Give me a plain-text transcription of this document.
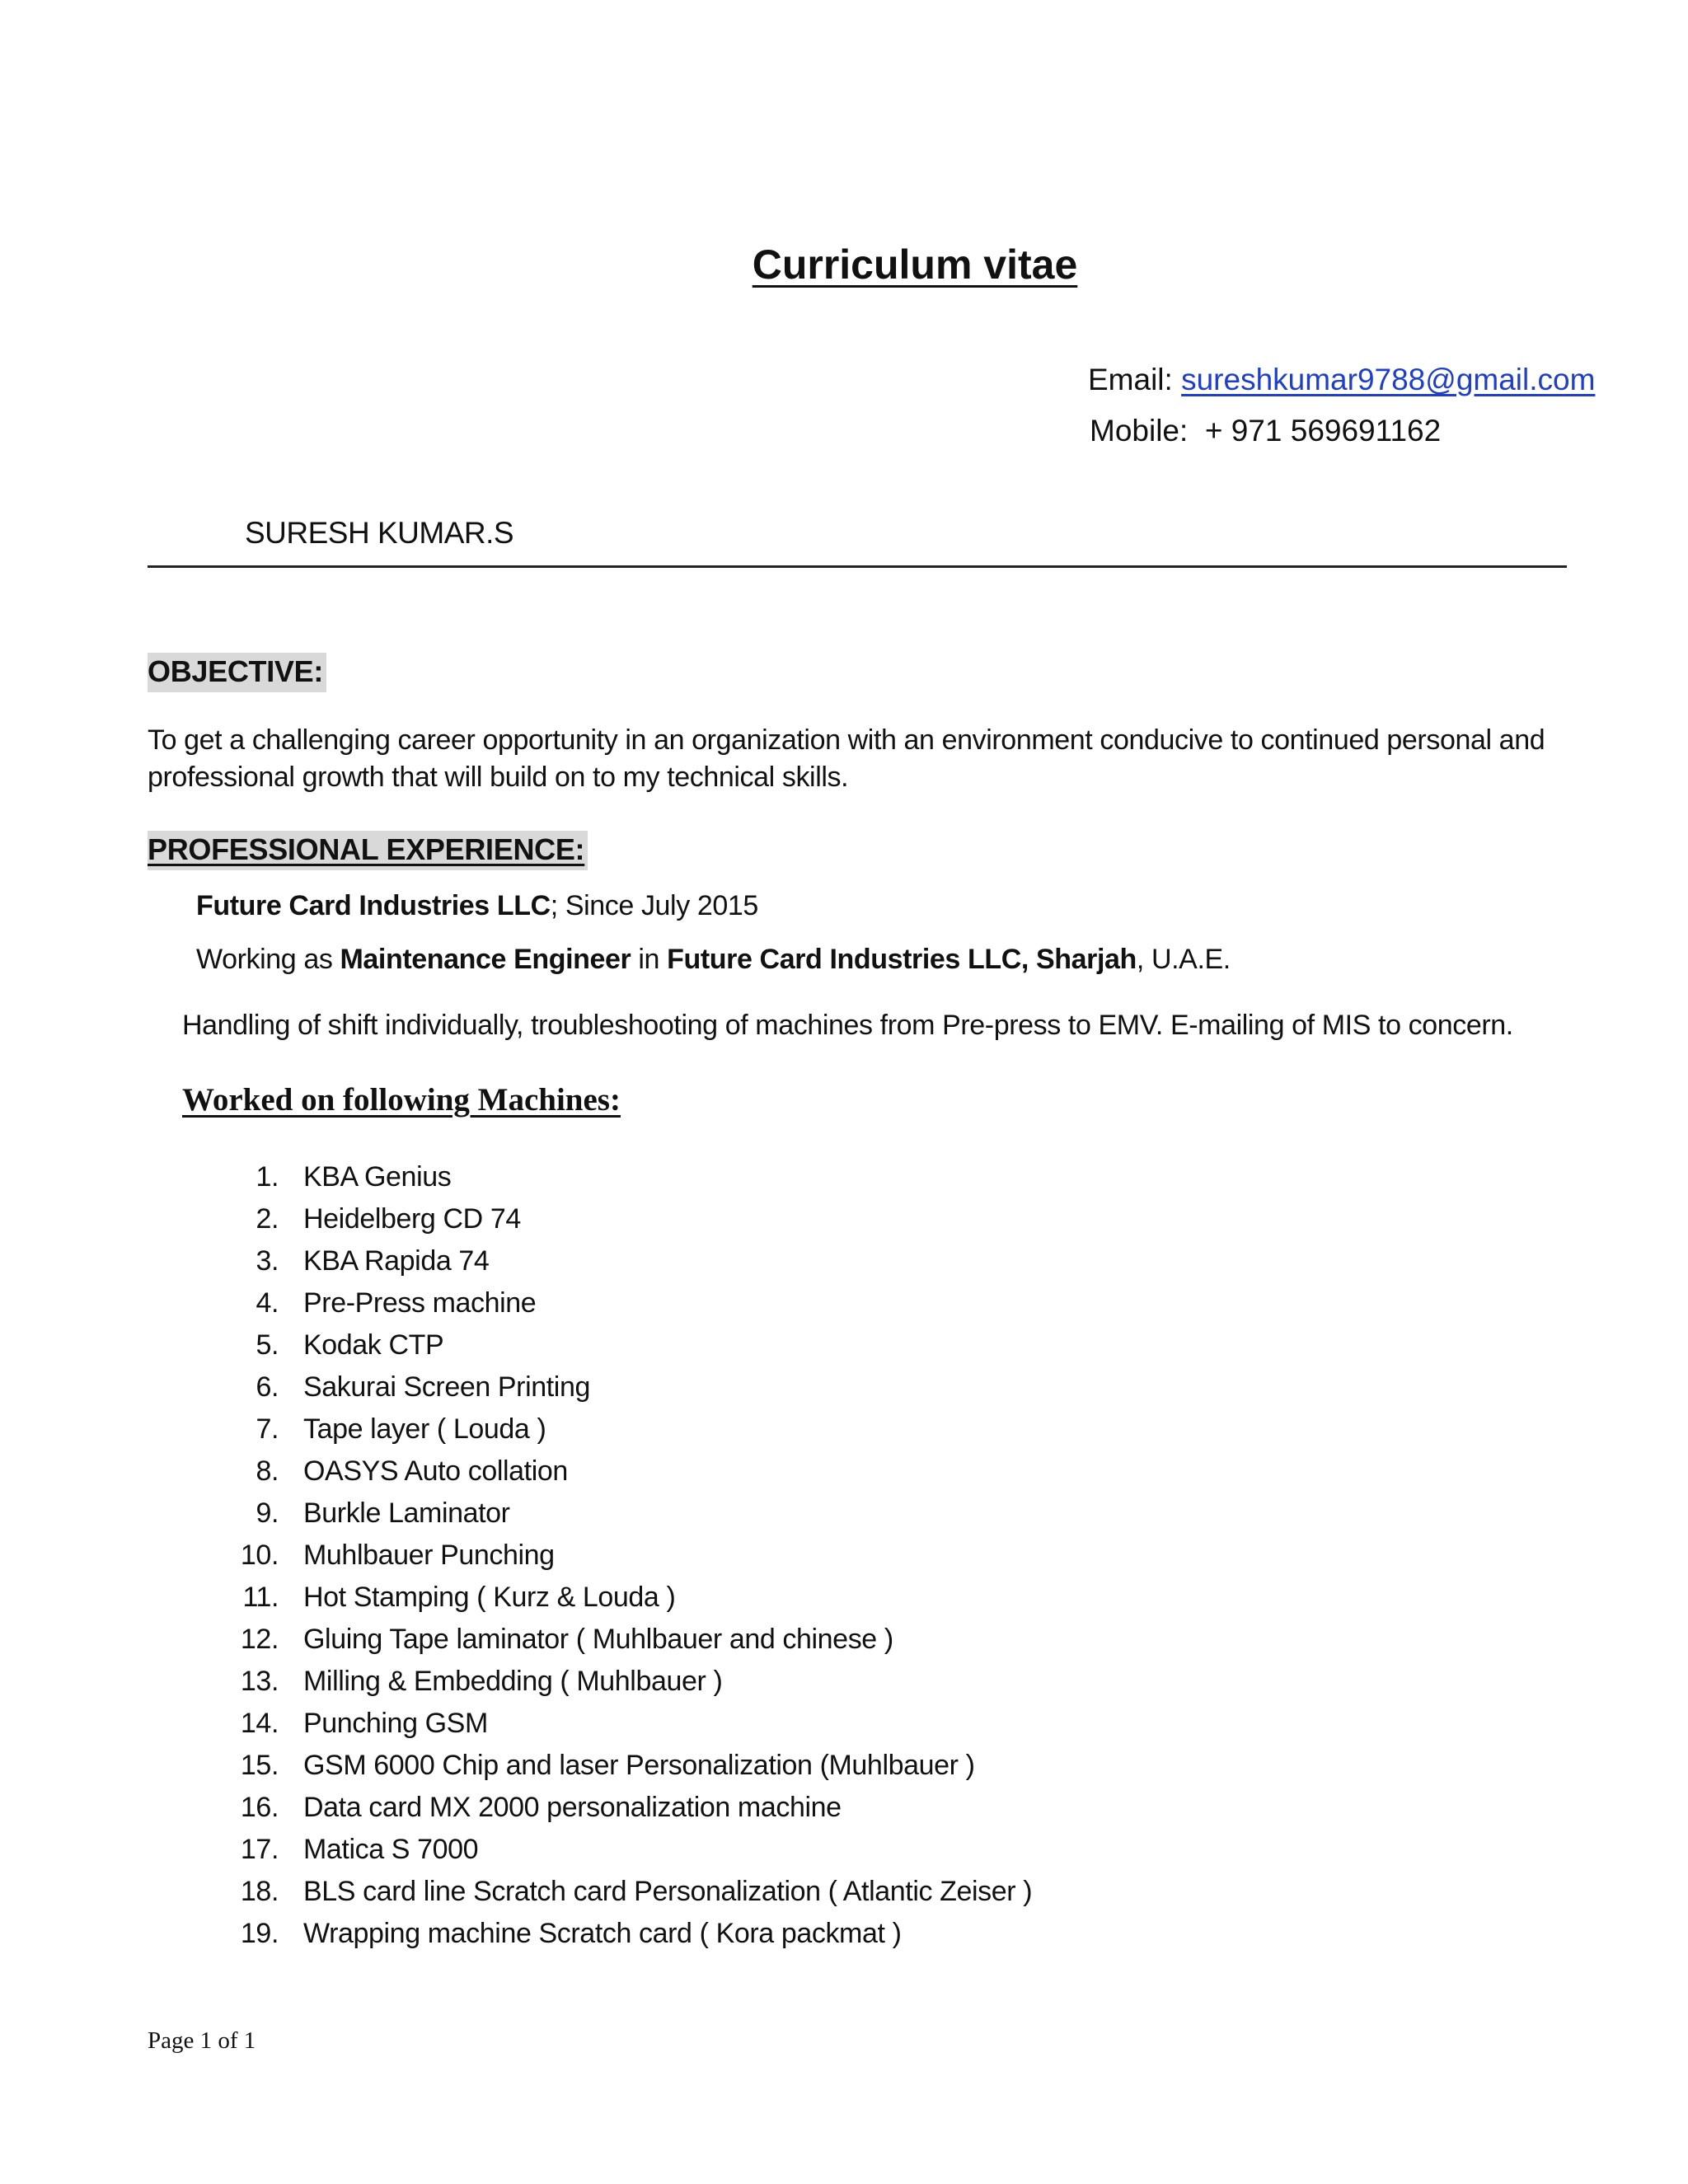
Curriculum vitae
Email: sureshkumar9788@gmail.com
Mobile: + 971 569691162
SURESH KUMAR.S
OBJECTIVE:
To get a challenging career opportunity in an organization with an environment conducive to continued personal and professional growth that will build on to my technical skills.
PROFESSIONAL EXPERIENCE:
Future Card Industries LLC; Since July 2015
Working as Maintenance Engineer in Future Card Industries LLC, Sharjah, U.A.E.
Handling of shift individually, troubleshooting of machines from Pre-press to EMV. E-mailing of MIS to concern.
Worked on following Machines:
1. KBA Genius
2. Heidelberg CD 74
3. KBA Rapida 74
4. Pre-Press machine
5. Kodak CTP
6. Sakurai Screen Printing
7. Tape layer ( Louda )
8. OASYS Auto collation
9. Burkle Laminator
10. Muhlbauer Punching
11. Hot Stamping ( Kurz & Louda )
12. Gluing Tape laminator ( Muhlbauer and chinese )
13. Milling & Embedding ( Muhlbauer )
14. Punching GSM
15. GSM 6000 Chip and laser Personalization (Muhlbauer )
16. Data card MX 2000 personalization machine
17. Matica S 7000
18. BLS card line Scratch card Personalization ( Atlantic Zeiser )
19. Wrapping machine Scratch card ( Kora packmat )
Page 1 of 1
